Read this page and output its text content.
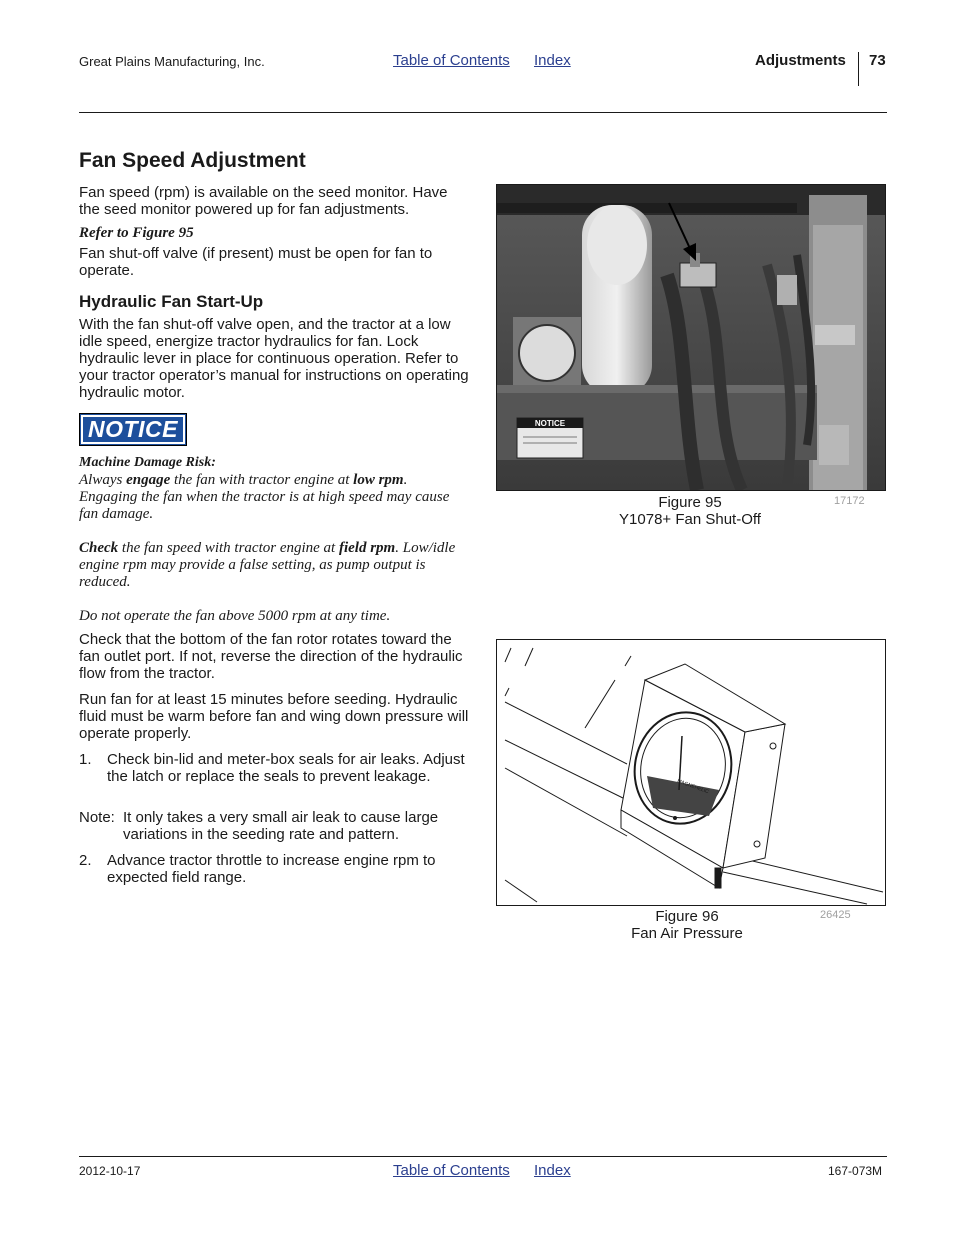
Great Plains Manufacturing, Inc.	Table of Contents Index	Adjustments 73
Fan Speed Adjustment

Fan speed (rpm) is available on the seed monitor. Have the seed monitor powered up for fan adjustments.

Refer to Figure 95

Fan shut-off valve (if present) must be open for fan to operate.

Hydraulic Fan Start-Up

With the fan shut-off valve open, and the tractor at a low idle speed, energize tractor hydraulics for fan. Lock hydraulic lever in place for continuous operation. Refer to your tractor operator’s manual for instructions on operating hydraulic motor.

NOTICE

Machine Damage Risk:

Always engage the fan with tractor engine at low rpm. Engaging the fan when the tractor is at high speed may cause fan damage.

Check the fan speed with tractor engine at field rpm. Low/idle engine rpm may provide a false setting, as pump output is reduced.

Do not operate the fan above 5000 rpm at any time.

Check that the bottom of the fan rotor rotates toward the fan outlet port. If not, reverse the direction of the hydraulic flow from the tractor.

Run fan for at least 15 minutes before seeding. Hydraulic fluid must be warm before fan and wing down pressure will operate properly.

1. Check bin-lid and meter-box seals for air leaks. Adjust the latch or replace the seals to prevent leakage.
Note: It only takes a very small air leak to cause large variations in the seeding rate and pattern.
2. Advance tractor throttle to increase engine rpm to expected field range.
NOTICE
Figure 95
Y1078+ Fan Shut-Off
17172
MAGNEHELIC
Figure 96
Fan Air Pressure
26425
2012-10-17	Table of Contents Index	167-073M
